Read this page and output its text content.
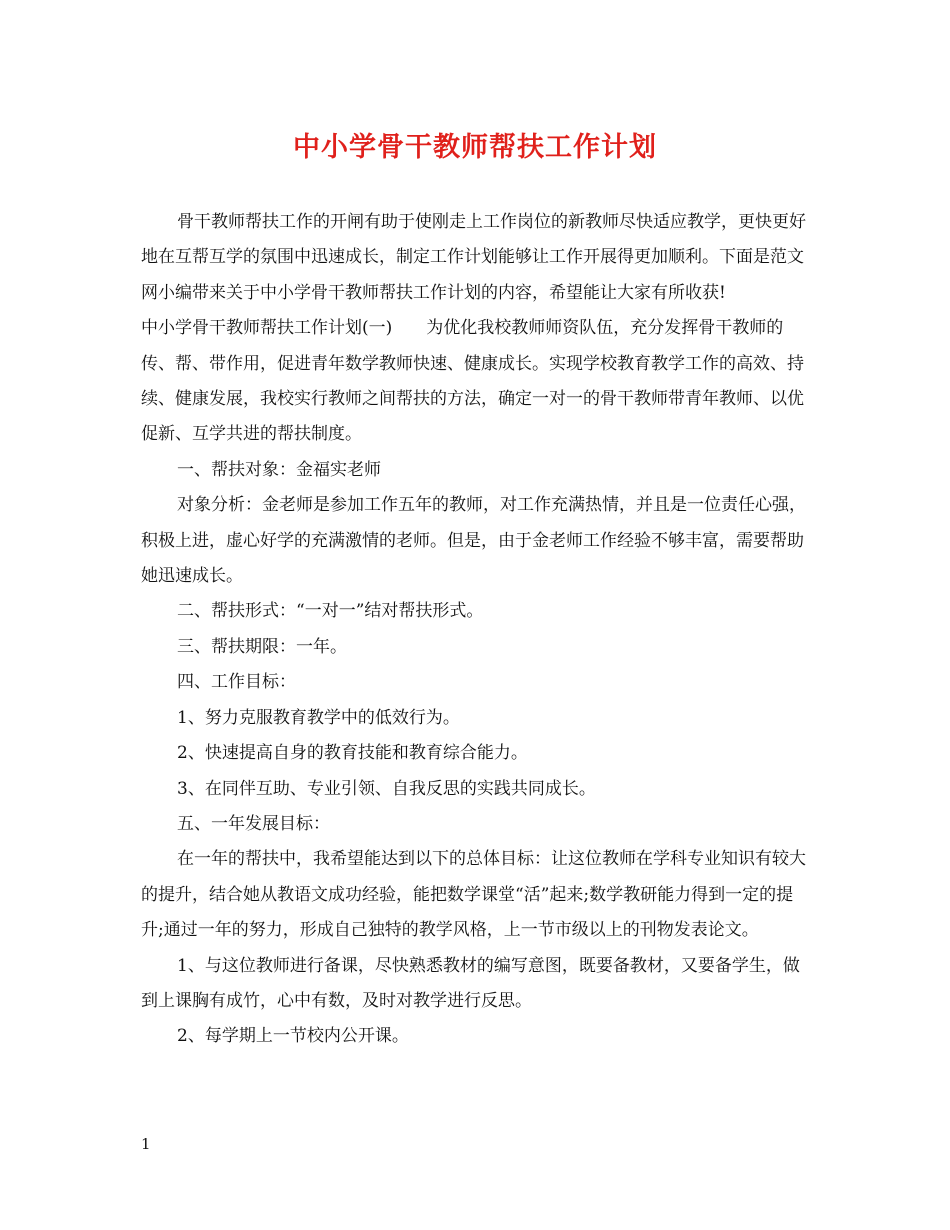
中小学骨干教师帮扶工作计划

骨干教师帮扶工作的开闸有助于使刚走上工作岗位的新教师尽快适应教学，更快更好地在互帮互学的氛围中迅速成长，制定工作计划能够让工作开展得更加顺利。下面是范文网小编带来关于中小学骨干教师帮扶工作计划的内容，希望能让大家有所收获!

中小学骨干教师帮扶工作计划(一)　　为优化我校教师师资队伍，充分发挥骨干教师的传、帮、带作用，促进青年数学教师快速、健康成长。实现学校教育教学工作的高效、持续、健康发展，我校实行教师之间帮扶的方法，确定一对一的骨干教师带青年教师、以优促新、互学共进的帮扶制度。

一、帮扶对象：金福实老师

对象分析：金老师是参加工作五年的教师，对工作充满热情，并且是一位责任心强，积极上进，虚心好学的充满激情的老师。但是，由于金老师工作经验不够丰富，需要帮助她迅速成长。

二、帮扶形式：“一对一”结对帮扶形式。

三、帮扶期限：一年。

四、工作目标：

1、努力克服教育教学中的低效行为。

2、快速提高自身的教育技能和教育综合能力。

3、在同伴互助、专业引领、自我反思的实践共同成长。

五、一年发展目标：

在一年的帮扶中，我希望能达到以下的总体目标：让这位教师在学科专业知识有较大的提升，结合她从教语文成功经验，能把数学课堂“活”起来;数学教研能力得到一定的提升;通过一年的努力，形成自己独特的教学风格，上一节市级以上的刊物发表论文。

1、与这位教师进行备课，尽快熟悉教材的编写意图，既要备教材，又要备学生，做到上课胸有成竹，心中有数，及时对教学进行反思。

2、每学期上一节校内公开课。

1
